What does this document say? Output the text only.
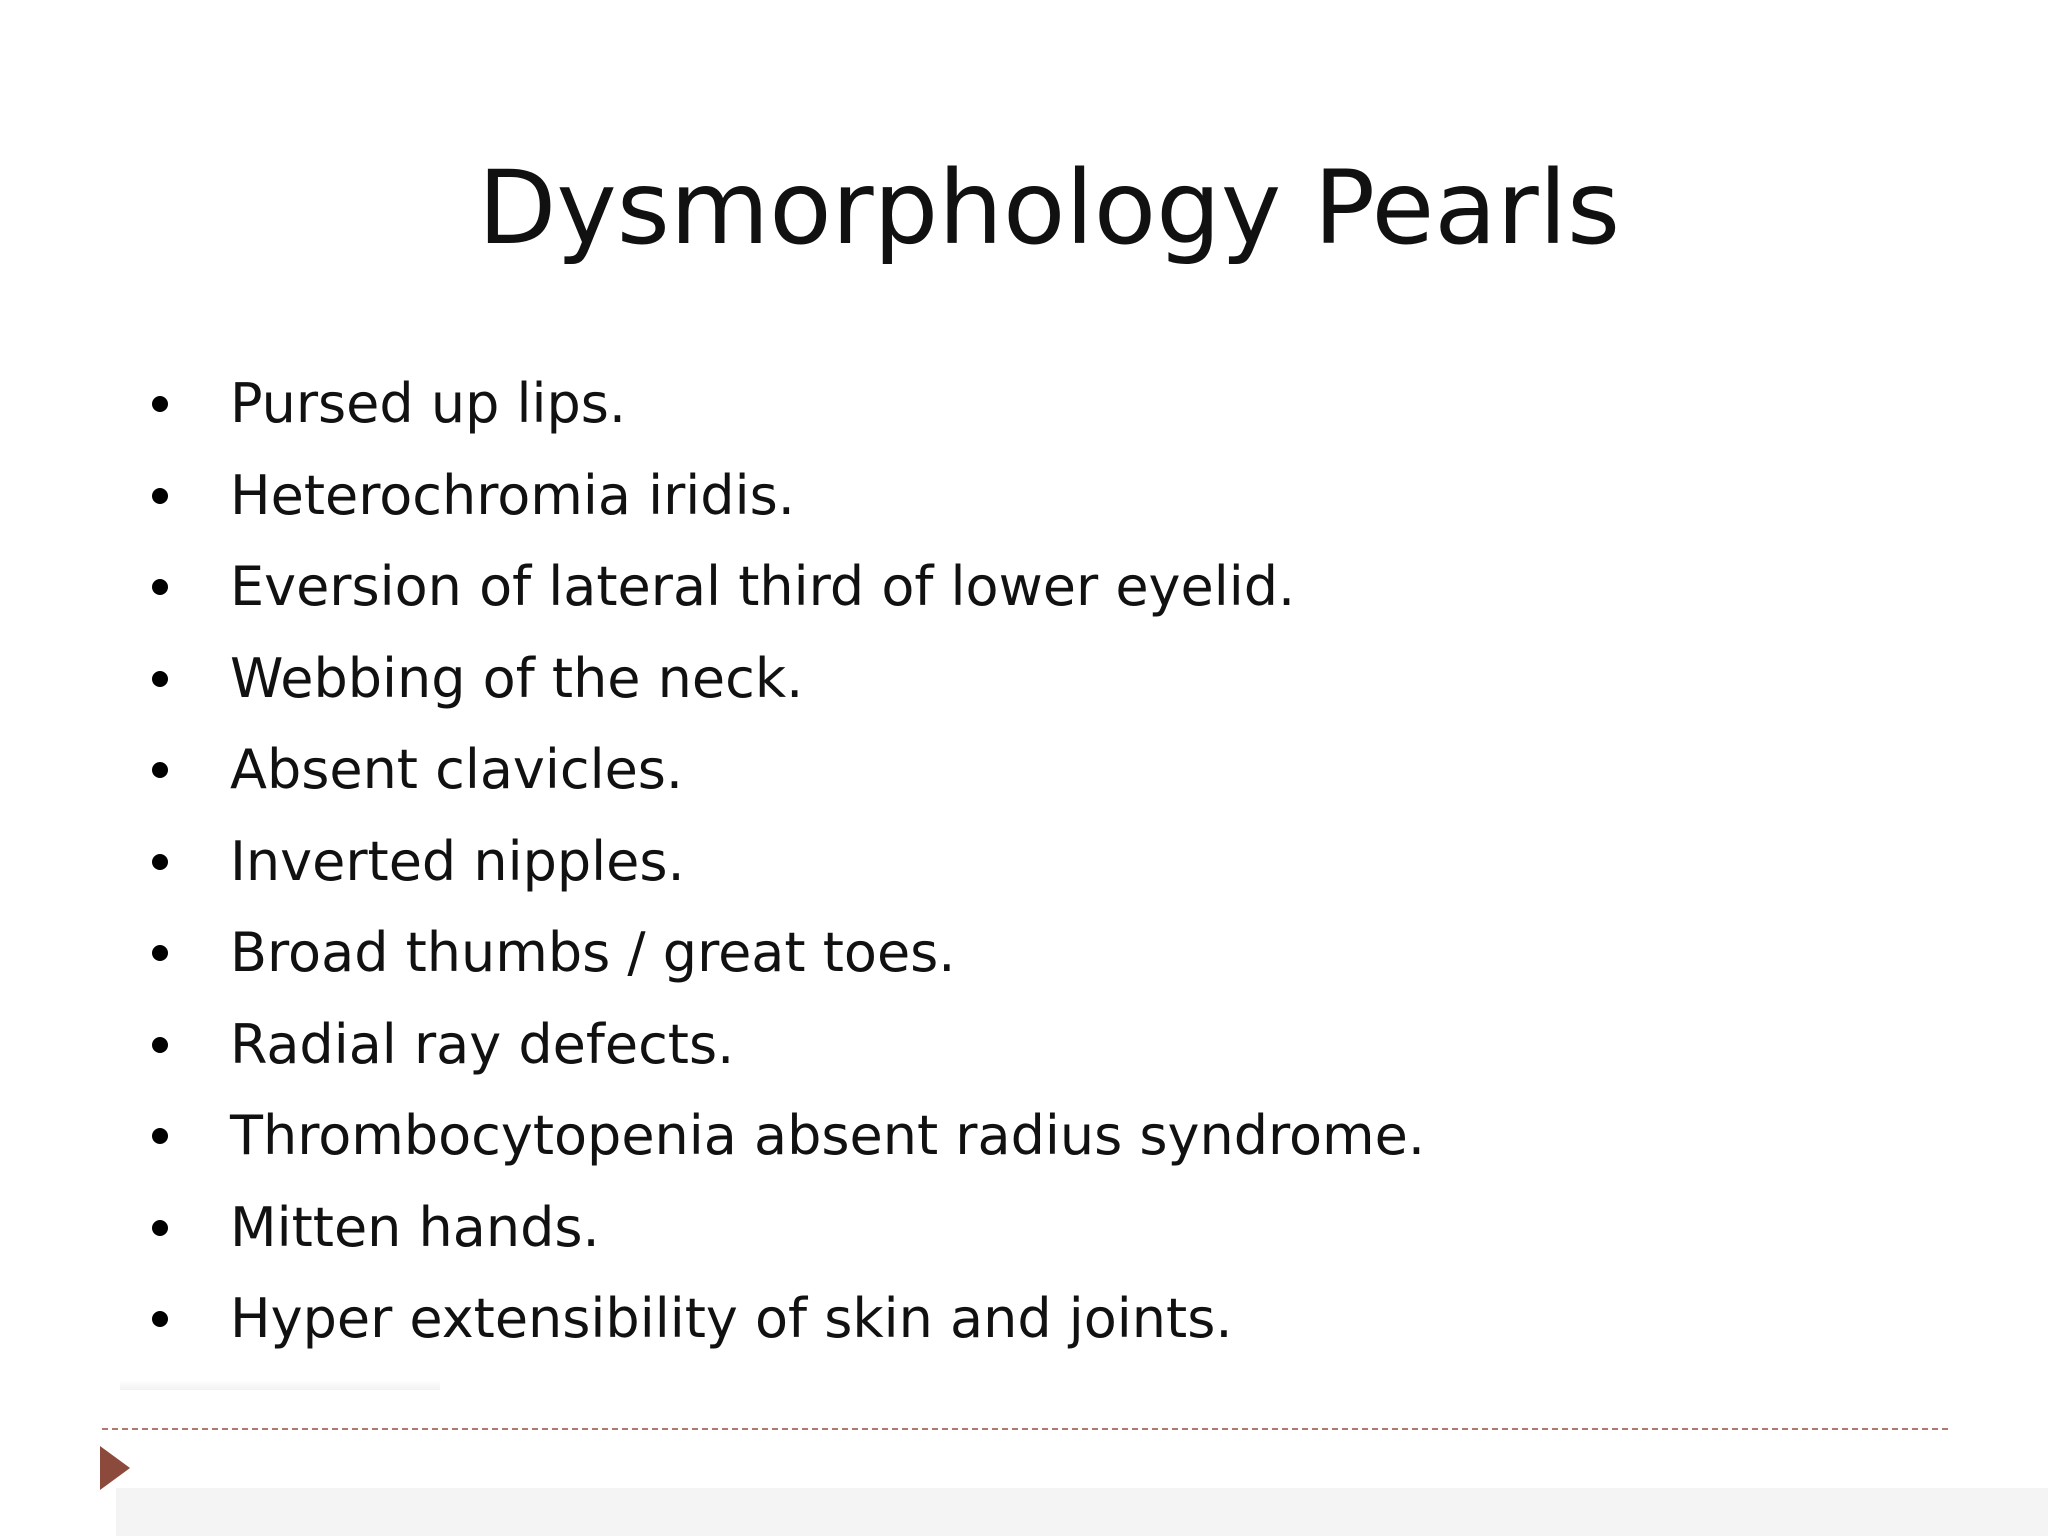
Dysmorphology Pearls
Pursed up lips.
Heterochromia iridis.
Eversion of lateral third of lower eyelid.
Webbing of the neck.
Absent clavicles.
Inverted nipples.
Broad thumbs / great toes.
Radial ray defects.
Thrombocytopenia absent radius syndrome.
Mitten hands.
Hyper extensibility of skin and joints.
